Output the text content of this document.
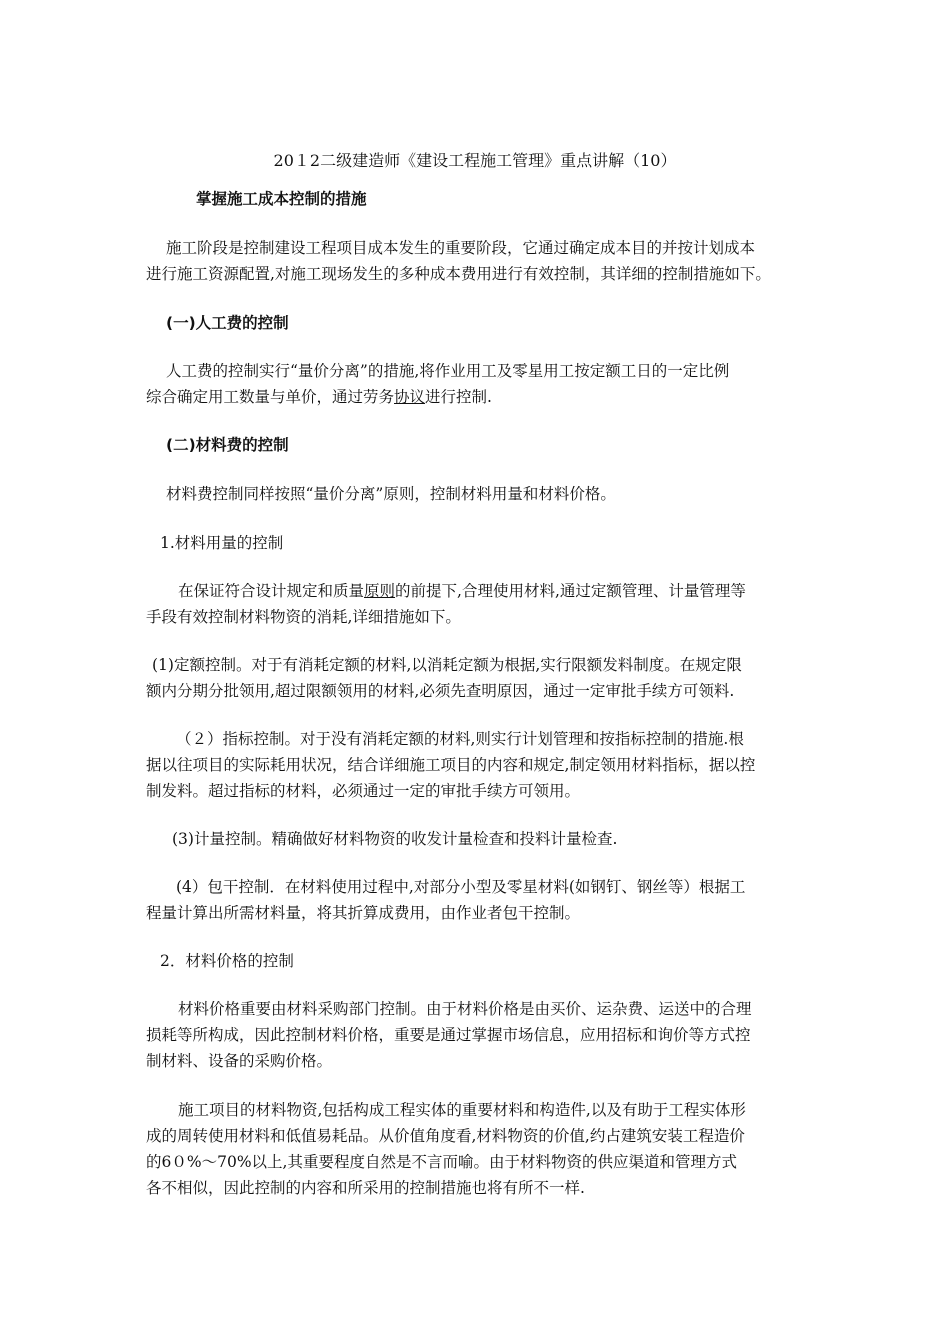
20１2二级建造师《建设工程施工管理》重点讲解（10）
掌握施工成本控制的措施
施工阶段是控制建设工程项目成本发生的重要阶段，它通过确定成本目的并按计划成本
进行施工资源配置,对施工现场发生的多种成本费用进行有效控制，其详细的控制措施如下。
(一)人工费的控制
人工费的控制实行“量价分离”的措施,将作业用工及零星用工按定额工日的一定比例
综合确定用工数量与单价，通过劳务协议进行控制.
(二)材料费的控制
材料费控制同样按照“量价分离”原则，控制材料用量和材料价格。
1.材料用量的控制
在保证符合设计规定和质量原则的前提下,合理使用材料,通过定额管理、计量管理等
手段有效控制材料物资的消耗,详细措施如下。
(1)定额控制。对于有消耗定额的材料,以消耗定额为根据,实行限额发料制度。在规定限
额内分期分批领用,超过限额领用的材料,必须先查明原因，通过一定审批手续方可领料.
（２）指标控制。对于没有消耗定额的材料,则实行计划管理和按指标控制的措施.根
据以往项目的实际耗用状况，结合详细施工项目的内容和规定,制定领用材料指标，据以控
制发料。超过指标的材料，必须通过一定的审批手续方可领用。
(3)计量控制。精确做好材料物资的收发计量检查和投料计量检查.
(4）包干控制．在材料使用过程中,对部分小型及零星材料(如钢钉、钢丝等）根据工
程量计算出所需材料量，将其折算成费用，由作业者包干控制。
2．材料价格的控制
材料价格重要由材料采购部门控制。由于材料价格是由买价、运杂费、运送中的合理
损耗等所构成，因此控制材料价格，重要是通过掌握市场信息，应用招标和询价等方式控
制材料、设备的采购价格。
施工项目的材料物资,包括构成工程实体的重要材料和构造件,以及有助于工程实体形
成的周转使用材料和低值易耗品。从价值角度看,材料物资的价值,约占建筑安装工程造价
的6０%～70%以上,其重要程度自然是不言而喻。由于材料物资的供应渠道和管理方式
各不相似，因此控制的内容和所采用的控制措施也将有所不一样.
